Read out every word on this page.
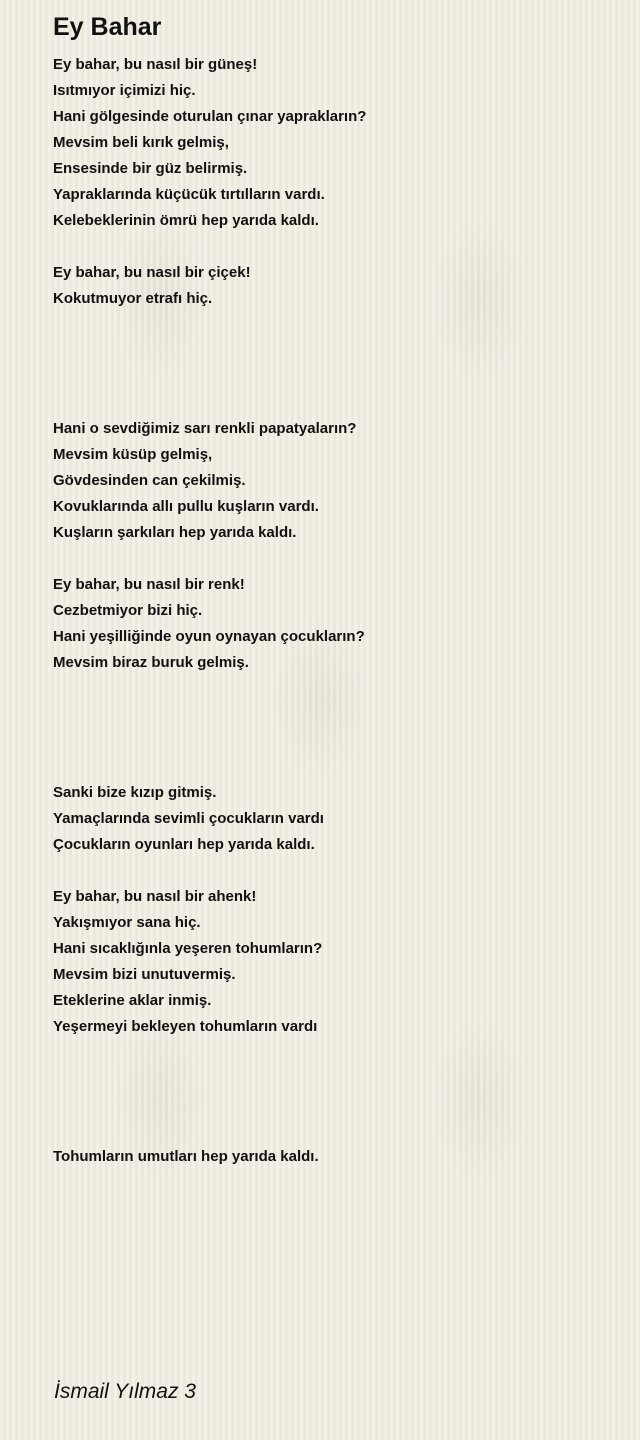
Ey Bahar
Ey bahar, bu nasıl bir güneş!
Isıtmıyor içimizi hiç.
Hani gölgesinde oturulan çınar yaprakların?
Mevsim beli kırık gelmiş,
Ensesinde bir güz belirmiş.
Yapraklarında küçücük tırtılların vardı.
Kelebeklerinin ömrü hep yarıda kaldı.
Ey bahar, bu nasıl bir çiçek!
Kokutmuyor etrafı hiç.
Hani o sevdiğimiz sarı renkli papatyaların?
Mevsim küsüp gelmiş,
Gövdesinden can çekilmiş.
Kovuklarında allı pullu kuşların vardı.
Kuşların şarkıları hep yarıda kaldı.
Ey bahar, bu nasıl bir renk!
Cezbetmiyor bizi hiç.
Hani yeşilliğinde oyun oynayan çocukların?
Mevsim biraz buruk gelmiş.
Sanki bize kızıp gitmiş.
Yamaçlarında sevimli çocukların vardı
Çocukların oyunları hep yarıda kaldı.
Ey bahar, bu nasıl bir ahenk!
Yakışmıyor sana hiç.
Hani sıcaklığınla yeşeren tohumların?
Mevsim bizi unutuvermiş.
Eteklerine aklar inmiş.
Yeşermeyi bekleyen tohumların vardı
Tohumların umutları hep yarıda kaldı.
İsmail Yılmaz 3
